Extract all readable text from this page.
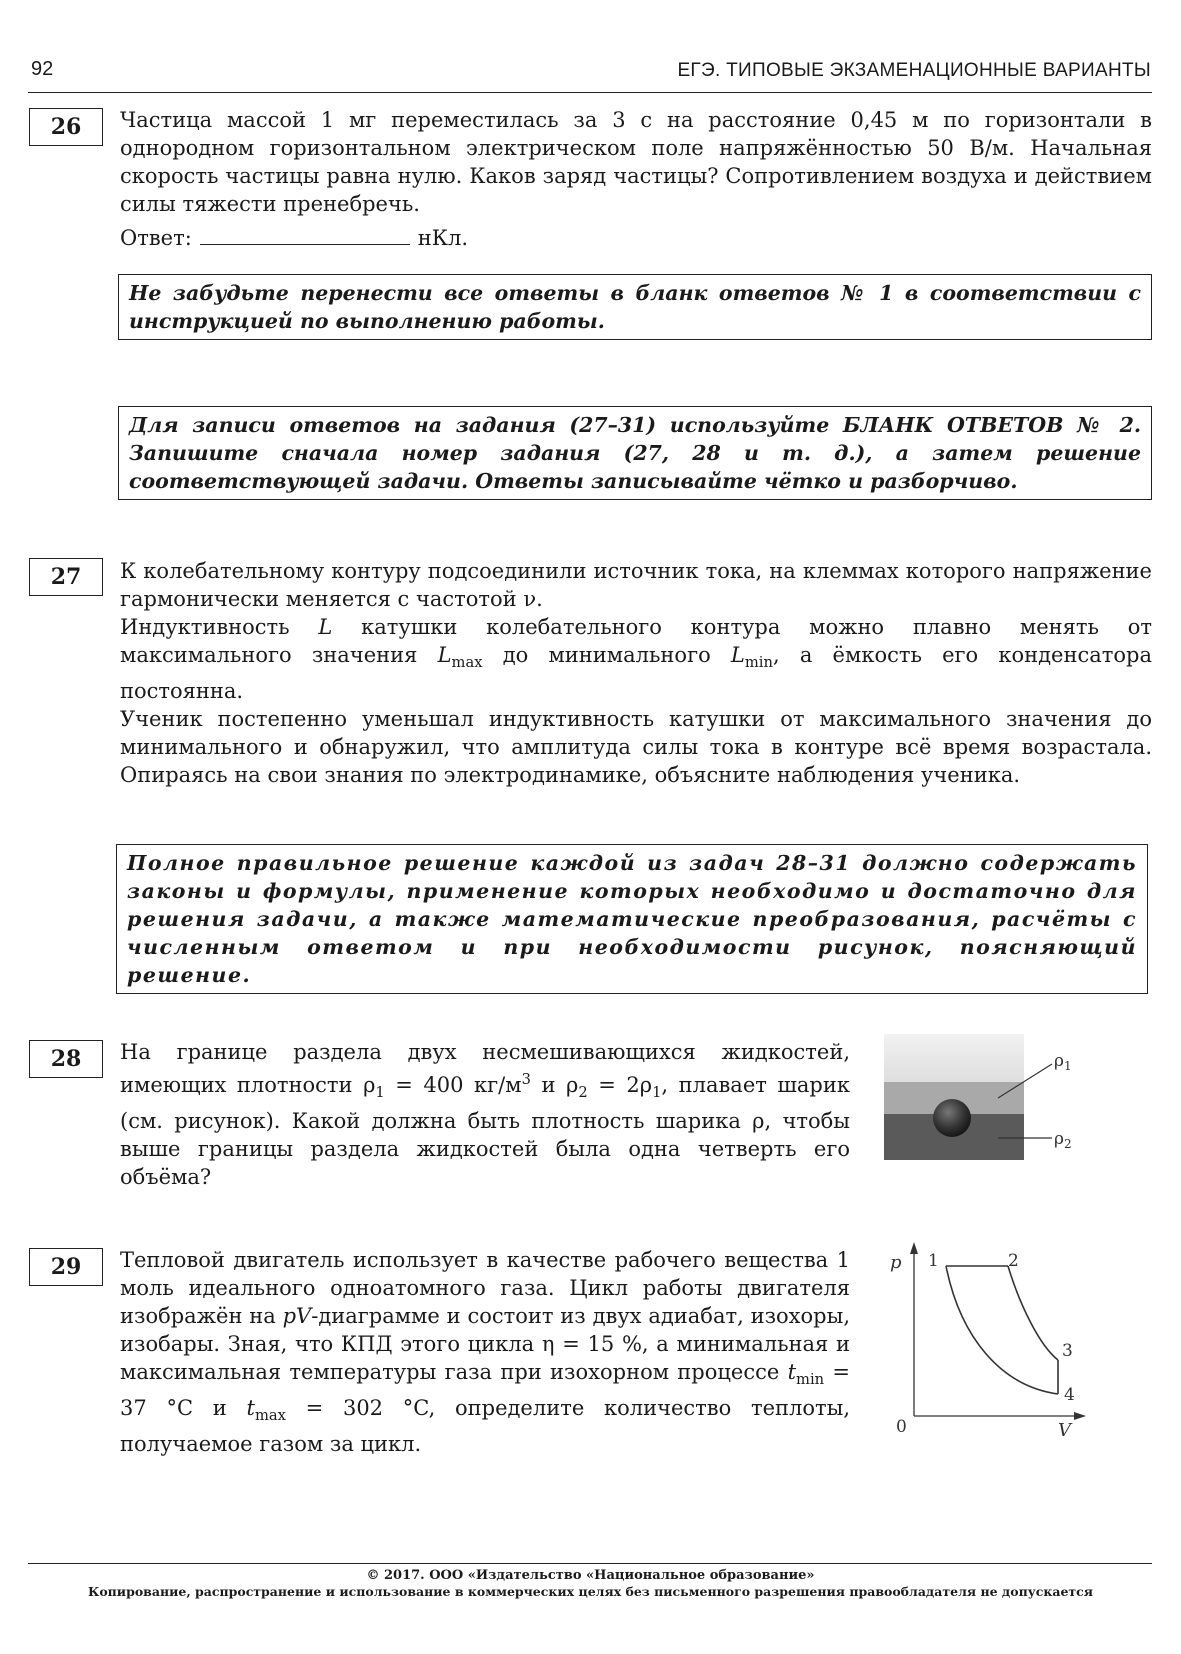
92	ЕГЭ. ТИПОВЫЕ ЭКЗАМЕНАЦИОННЫЕ ВАРИАНТЫ
26	Частица массой 1 мг переместилась за 3 с на расстояние 0,45 м по горизонтали в однородном горизонтальном электрическом поле напряжённостью 50 В/м. Начальная скорость частицы равна нулю. Каков заряд частицы? Сопротивлением воздуха и действием силы тяжести пренебречь.

Ответ:	нКл.

Не забудьте перенести все ответы в бланк ответов № 1 в соответствии с инструкцией по выполнению работы.
Для записи ответов на задания (27–31) используйте БЛАНК ОТВЕТОВ № 2. Запишите сначала номер задания (27, 28 и т. д.), а затем решение соответствующей задачи. Ответы записывайте чётко и разборчиво.
27	К колебательному контуру подсоединили источник тока, на клеммах которого напряжение гармонически меняется с частотой ν.

Индуктивность L катушки колебательного контура можно плавно менять от максимального значения $L_{max}$ до минимального $L_{min}$, а ёмкость его конденсатора постоянна.

Ученик постепенно уменьшал индуктивность катушки от максимального значения до минимального и обнаружил, что амплитуда силы тока в контуре всё время возрастала. Опираясь на свои знания по электродинамике, объясните наблюдения ученика.

Полное правильное решение каждой из задач 28–31 должно содержать законы и формулы, применение которых необходимо и достаточно для решения задачи, а также математические преобразования, расчёты с численным ответом и при необходимости рисунок, поясняющий решение.
28	На границе раздела двух несмешивающихся жидкостей, имеющих плотности $\rho_1 = 400$ $кг/м^3$ и $\rho_2 = 2\rho_1$, плавает шарик (см. рисунок). Какой должна быть плотность шарика ρ, чтобы выше границы раздела жидкостей была одна четверть его объёма?

$\rho_1$
$\rho_2$
29	Тепловой двигатель использует в качестве рабочего вещества 1 моль идеального одноатомного газа. Цикл работы двигателя изображён на pV-диаграмме и состоит из двух адиабат, изохоры, изобары. Зная, что КПД этого цикла η = 15 %, а минимальная и максимальная температуры газа при изохорном процессе $t_{min} = 37$ °C и $t_{max} = 302$ °C, определите количество теплоты, получаемое газом за цикл.

p
V
0
1	2
3
4
© 2017. ООО «Издательство «Национальное образование»
Копирование, распространение и использование в коммерческих целях без письменного разрешения правообладателя не допускается
